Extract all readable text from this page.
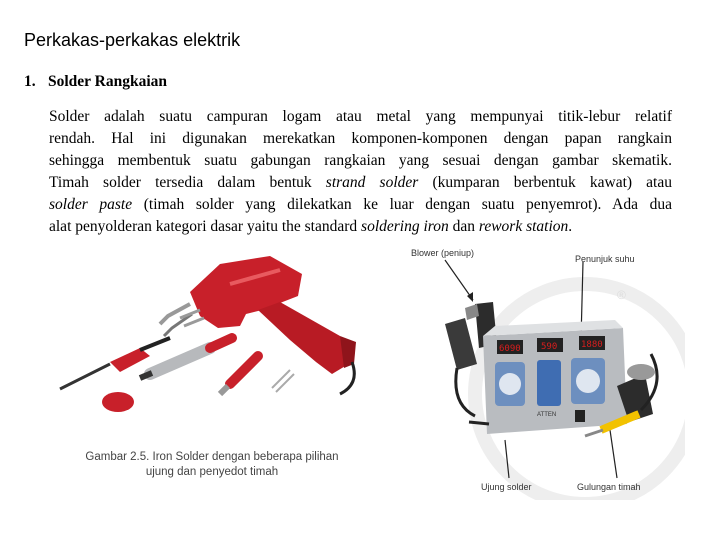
Perkakas-perkakas elektrik
1. Solder Rangkaian
Solder adalah suatu campuran logam atau metal yang mempunyai titik-lebur relatif
rendah. Hal ini digunakan merekatkan komponen-komponen dengan papan rangkain
sehingga membentuk suatu gabungan rangkaian yang sesuai dengan gambar skematik.
Timah solder tersedia dalam bentuk strand solder (kumparan berbentuk kawat) atau
solder paste (timah solder yang dilekatkan ke luar dengan suatu penyemrot). Ada dua
alat penyolderan kategori dasar yaitu the standard soldering iron dan rework station.
Gambar 2.5. Iron Solder dengan beberapa pilihan
ujung dan penyedot timah
6090 590	1880
ATTEN
Blower (peniup)
Penunjuk suhu
Ujung solder	Gulungan timah
®
